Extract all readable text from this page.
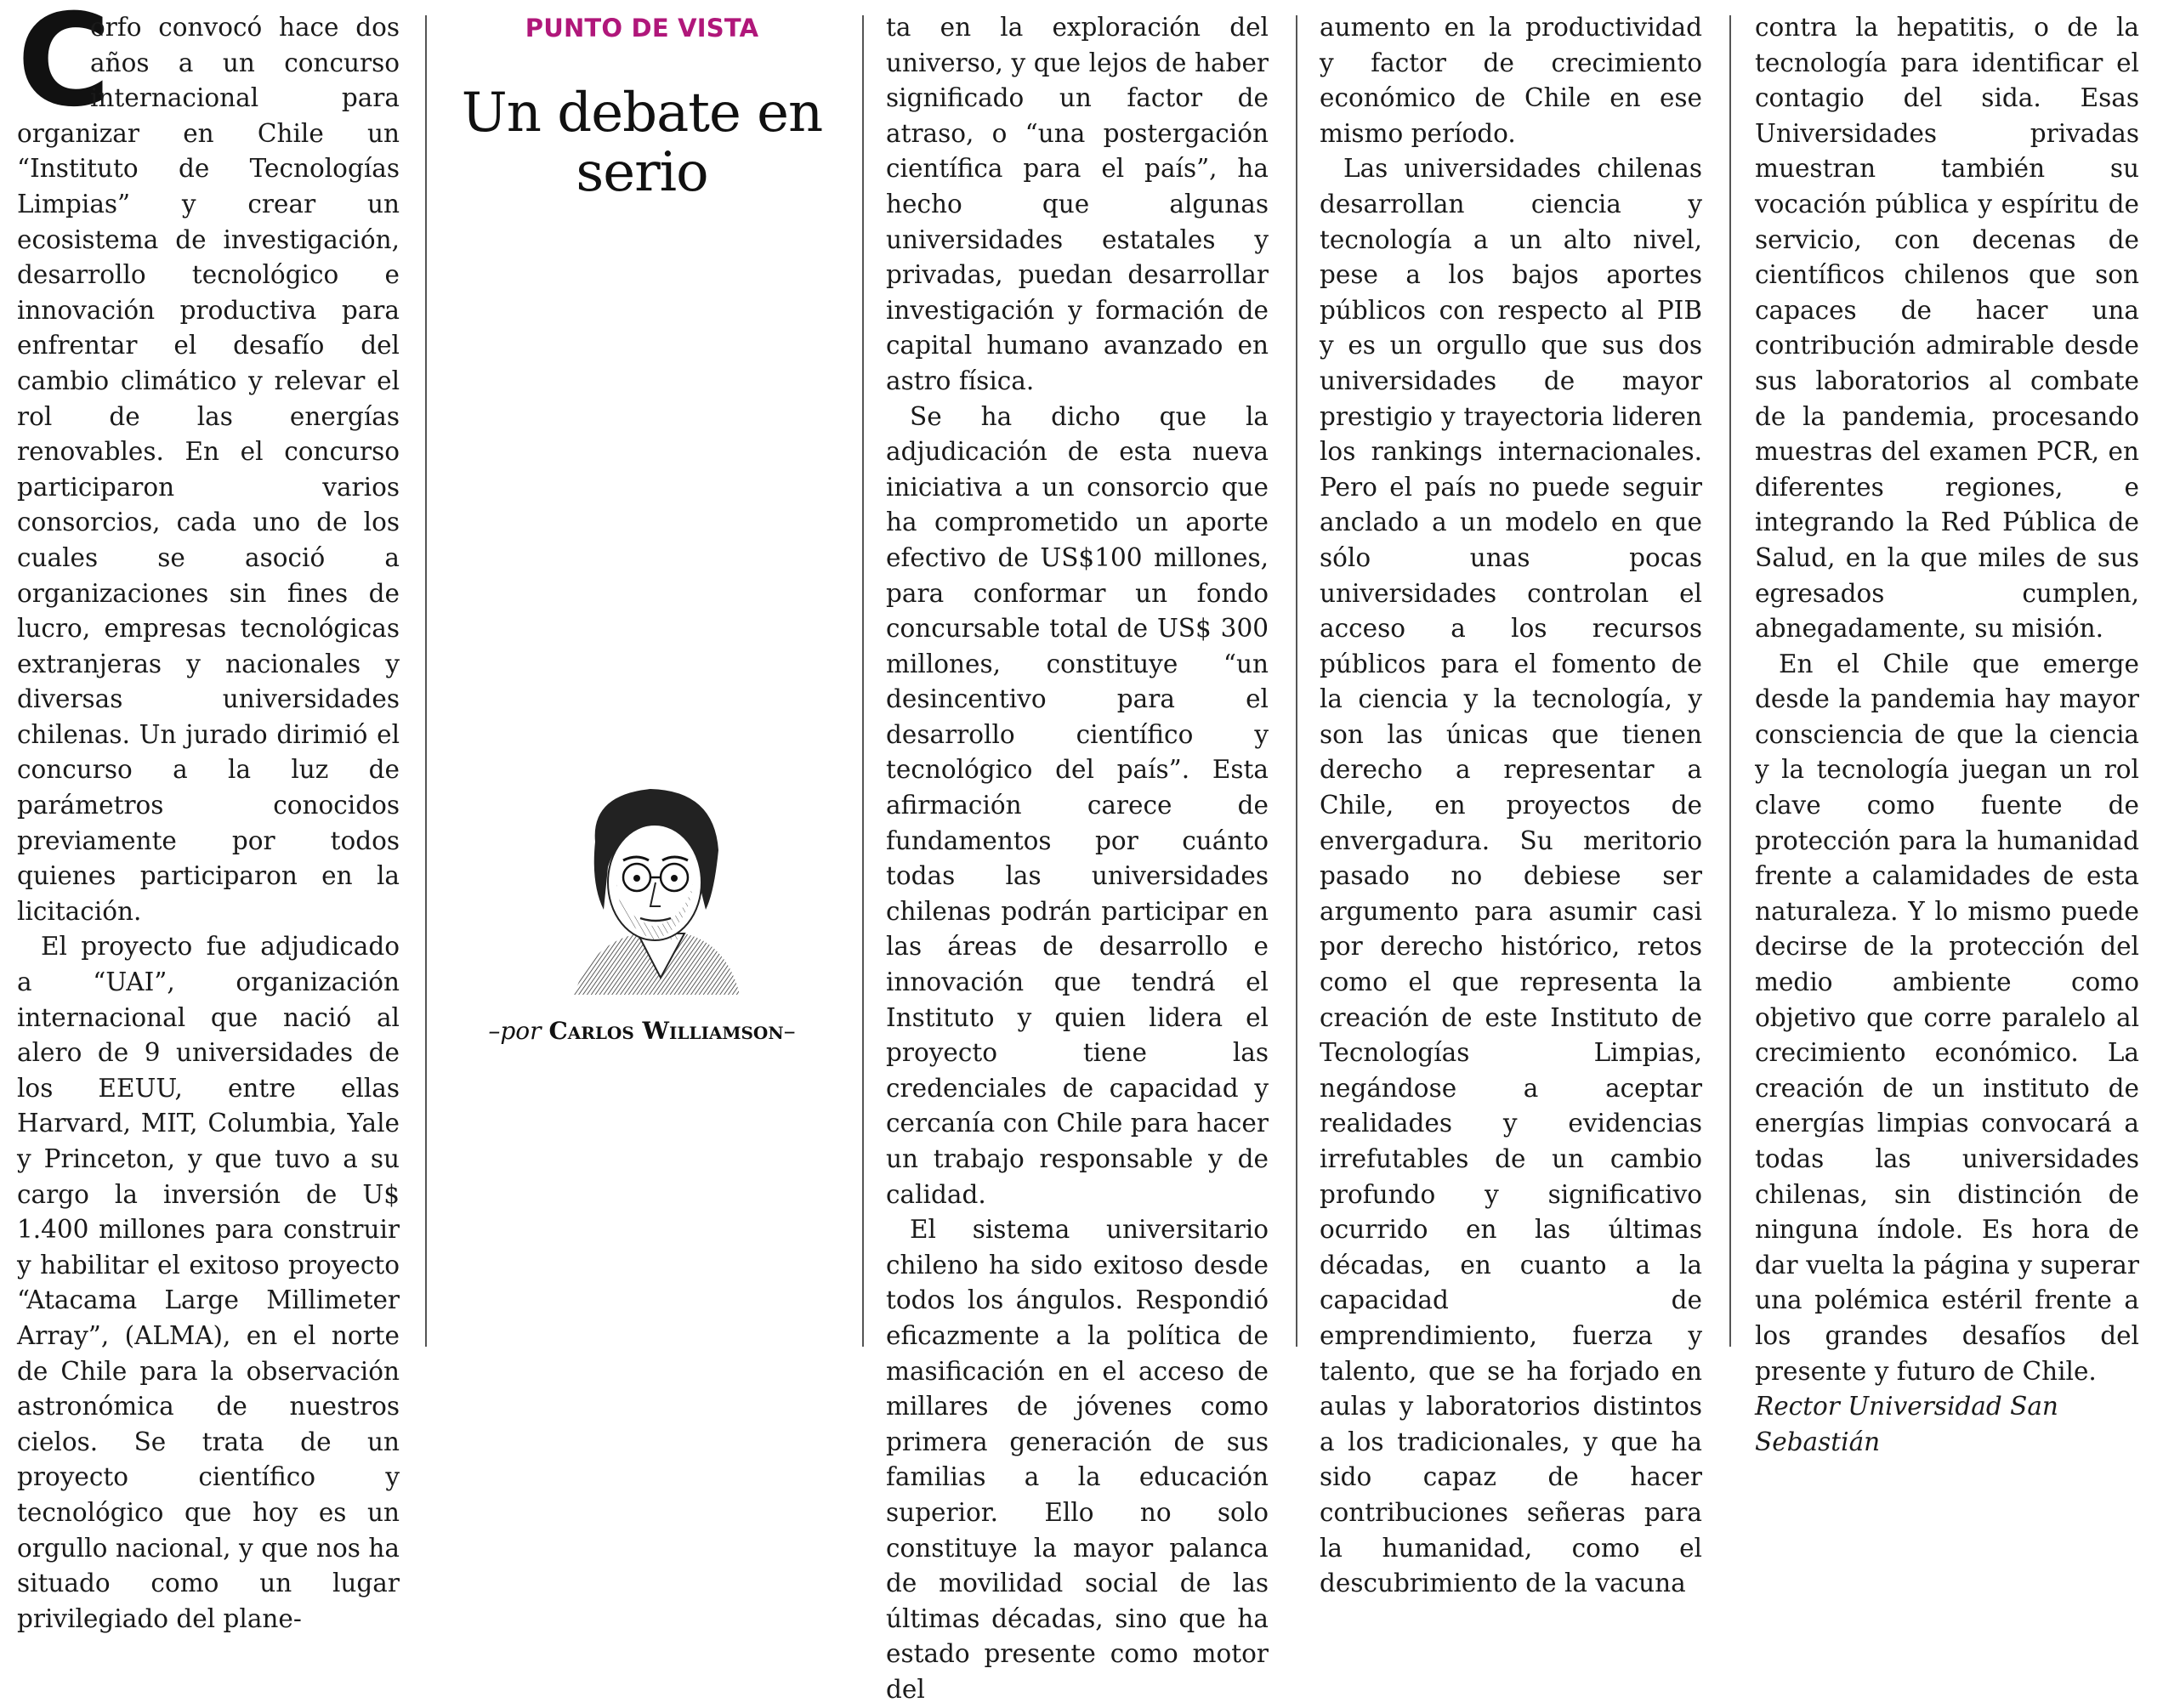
C
orfo convocó hace dos años a un concurso internacional para organizar en Chile un “Instituto de Tecnologías Limpias” y crear un ecosistema de investigación, desarrollo tecnológico e innovación productiva para enfrentar el desafío del cambio climático y relevar el rol de las energías renovables. En el concurso participaron varios consorcios, cada uno de los cuales se asoció a organizaciones sin fines de lucro, empresas tecnológicas extranjeras y nacionales y diversas universidades chilenas. Un jurado dirimió el concurso a la luz de parámetros conocidos previamente por todos quienes participaron en la licitación.

El proyecto fue adjudicado a “UAI”, organización internacional que nació al alero de 9 universidades de los EEUU, entre ellas Harvard, MIT, Columbia, Yale y Princeton, y que tuvo a su cargo la inversión de U$ 1.400 millones para construir y habilitar el exitoso proyecto “Atacama Large Millimeter Array”, (ALMA), en el norte de Chile para la observación astronómica de nuestros cielos. Se trata de un proyecto científico y tecnológico que hoy es un orgullo nacional, y que nos ha situado como un lugar privilegiado del plane-

PUNTO DE VISTA
Un debate en serio
–por Carlos Williamson–

ta en la exploración del universo, y que lejos de haber significado un factor de atraso, o “una postergación científica para el país”, ha hecho que algunas universidades estatales y privadas, puedan desarrollar investigación y formación de capital humano avanzado en astro física.

Se ha dicho que la adjudicación de esta nueva iniciativa a un consorcio que ha comprometido un aporte efectivo de US$100 millones, para conformar un fondo concursable total de US$ 300 millones, constituye “un desincentivo para el desarrollo científico y tecnológico del país”. Esta afirmación carece de fundamentos por cuánto todas las universidades chilenas podrán participar en las áreas de desarrollo e innovación que tendrá el Instituto y quien lidera el proyecto tiene las credenciales de capacidad y cercanía con Chile para hacer un trabajo responsable y de calidad.

El sistema universitario chileno ha sido exitoso desde todos los ángulos. Respondió eficazmente a la política de masificación en el acceso de millares de jóvenes como primera generación de sus familias a la educación superior. Ello no solo constituye la mayor palanca de movilidad social de las últimas décadas, sino que ha estado presente como motor del

aumento en la productividad y factor de crecimiento económico de Chile en ese mismo período.

Las universidades chilenas desarrollan ciencia y tecnología a un alto nivel, pese a los bajos aportes públicos con respecto al PIB y es un orgullo que sus dos universidades de mayor prestigio y trayectoria lideren los rankings internacionales. Pero el país no puede seguir anclado a un modelo en que sólo unas pocas universidades controlan el acceso a los recursos públicos para el fomento de la ciencia y la tecnología, y son las únicas que tienen derecho a representar a Chile, en proyectos de envergadura. Su meritorio pasado no debiese ser argumento para asumir casi por derecho histórico, retos como el que representa la creación de este Instituto de Tecnologías Limpias, negándose a aceptar realidades y evidencias irrefutables de un cambio profundo y significativo ocurrido en las últimas décadas, en cuanto a la capacidad de emprendimiento, fuerza y talento, que se ha forjado en aulas y laboratorios distintos a los tradicionales, y que ha sido capaz de hacer contribuciones señeras para la humanidad, como el descubrimiento de la vacuna

contra la hepatitis, o de la tecnología para identificar el contagio del sida. Esas Universidades privadas muestran también su vocación pública y espíritu de servicio, con decenas de científicos chilenos que son capaces de hacer una contribución admirable desde sus laboratorios al combate de la pandemia, procesando muestras del examen PCR, en diferentes regiones, e integrando la Red Pública de Salud, en la que miles de sus egresados cumplen, abnegadamente, su misión.

En el Chile que emerge desde la pandemia hay mayor consciencia de que la ciencia y la tecnología juegan un rol clave como fuente de protección para la humanidad frente a calamidades de esta naturaleza. Y lo mismo puede decirse de la protección del medio ambiente como objetivo que corre paralelo al crecimiento económico. La creación de un instituto de energías limpias convocará a todas las universidades chilenas, sin distinción de ninguna índole. Es hora de dar vuelta la página y superar una polémica estéril frente a los grandes desafíos del presente y futuro de Chile.

Rector Universidad San Sebastián
